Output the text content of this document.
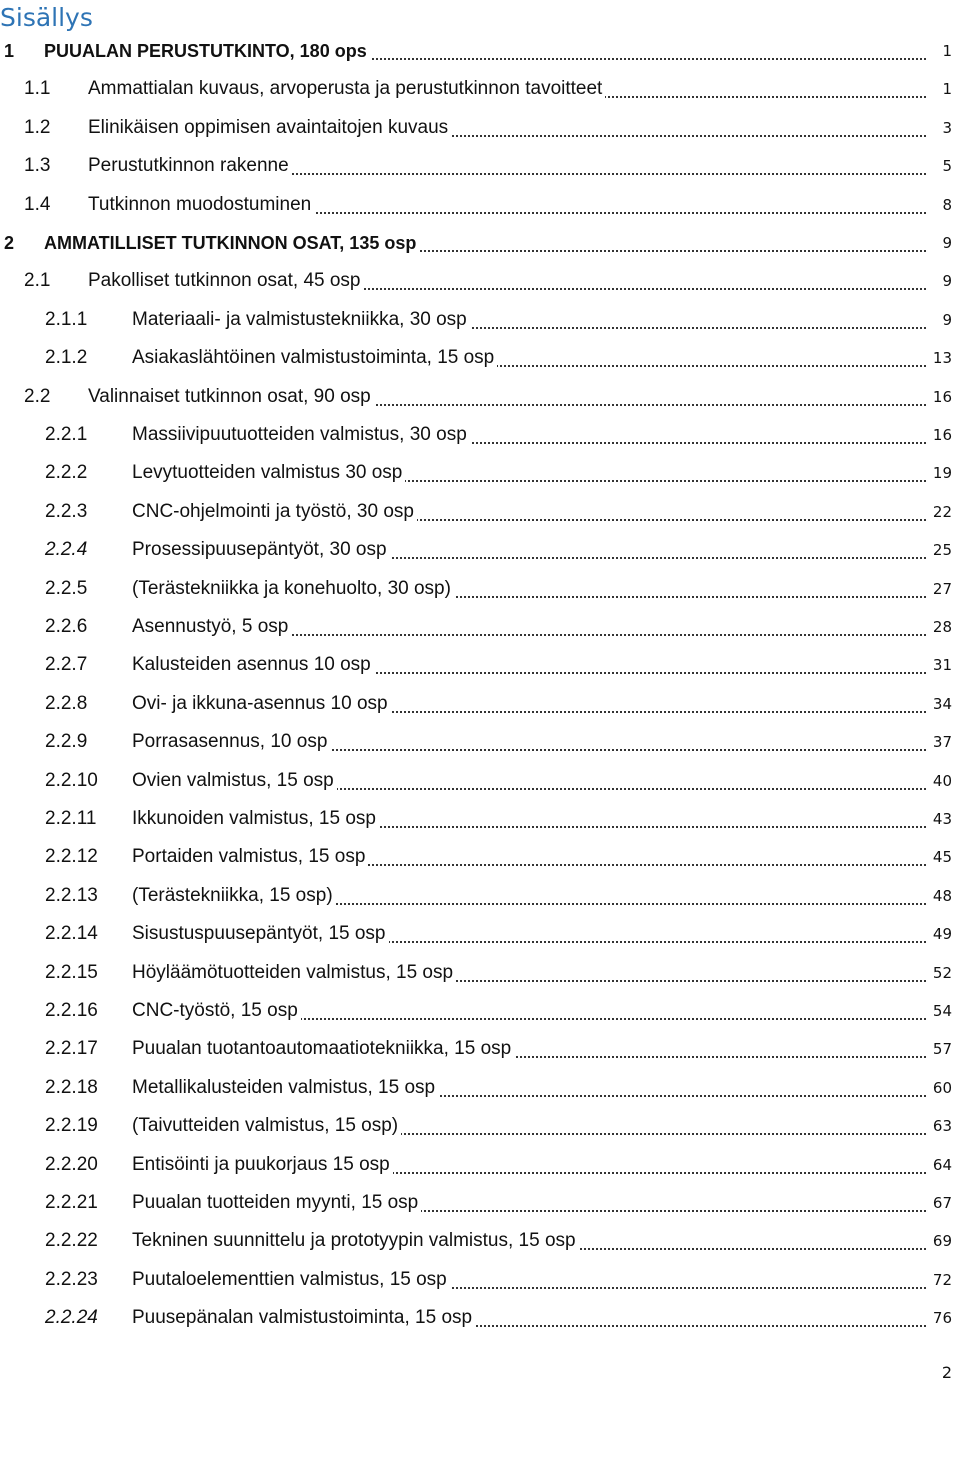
Sisällys
1 PUUALAN PERUSTUTKINTO, 180 ops	1
1.1 Ammattialan kuvaus, arvoperusta ja perustutkinnon tavoitteet	1
1.2 Elinikäisen oppimisen avaintaitojen kuvaus	3
1.3 Perustutkinnon rakenne	5
1.4 Tutkinnon muodostuminen	8
2 AMMATILLISET TUTKINNON OSAT, 135 osp	9
2.1 Pakolliset tutkinnon osat, 45 osp	9
2.1.1 Materiaali- ja valmistustekniikka, 30 osp	9
2.1.2 Asiakaslähtöinen valmistustoiminta, 15 osp	13
2.2 Valinnaiset tutkinnon osat, 90 osp	16
2.2.1 Massiivipuutuotteiden valmistus, 30 osp	16
2.2.2 Levytuotteiden valmistus 30 osp	19
2.2.3 CNC-ohjelmointi ja työstö, 30 osp	22
2.2.4 Prosessipuusepäntyöt, 30 osp	25
2.2.5 (Terästekniikka ja konehuolto, 30 osp)	27
2.2.6 Asennustyö, 5 osp	28
2.2.7 Kalusteiden asennus 10 osp	31
2.2.8 Ovi- ja ikkuna-asennus 10 osp	34
2.2.9 Porrasasennus, 10 osp	37
2.2.10 Ovien valmistus, 15 osp	40
2.2.11 Ikkunoiden valmistus, 15 osp	43
2.2.12 Portaiden valmistus, 15 osp	45
2.2.13 (Terästekniikka, 15 osp)	48
2.2.14 Sisustuspuusepäntyöt, 15 osp	49
2.2.15 Höyläämötuotteiden valmistus, 15 osp	52
2.2.16 CNC-työstö, 15 osp	54
2.2.17 Puualan tuotantoautomaatiotekniikka, 15 osp	57
2.2.18 Metallikalusteiden valmistus, 15 osp	60
2.2.19 (Taivutteiden valmistus, 15 osp)	63
2.2.20 Entisöinti ja puukorjaus 15 osp	64
2.2.21 Puualan tuotteiden myynti, 15 osp	67
2.2.22 Tekninen suunnittelu ja prototyypin valmistus, 15 osp	69
2.2.23 Puutaloelementtien valmistus, 15 osp	72
2.2.24 Puusepänalan valmistustoiminta, 15 osp	76
2
